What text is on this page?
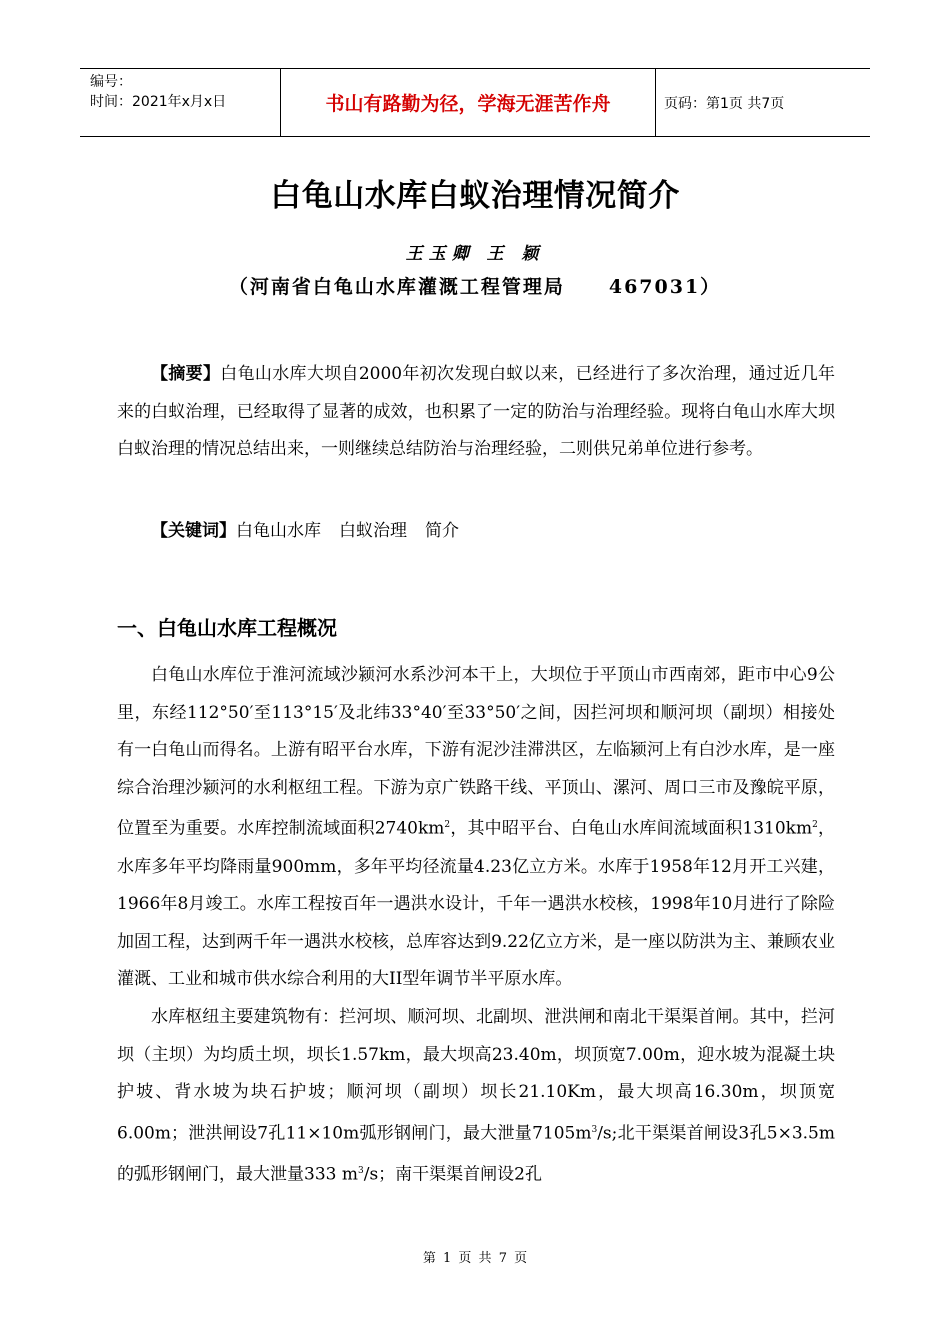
编号：
时间：2021年x月x日	书山有路勤为径，学海无涯苦作舟	页码：第1页 共7页
白龟山水库白蚁治理情况简介
王玉卿 王 颖
（河南省白龟山水库灌溉工程管理局 467031）

【摘要】白龟山水库大坝自2000年初次发现白蚁以来，已经进行了多次治理，通过近几年来的白蚁治理，已经取得了显著的成效，也积累了一定的防治与治理经验。现将白龟山水库大坝白蚁治理的情况总结出来，一则继续总结防治与治理经验，二则供兄弟单位进行参考。

【关键词】白龟山水库 白蚁治理 简介

一、白龟山水库工程概况

白龟山水库位于淮河流域沙颍河水系沙河本干上，大坝位于平顶山市西南郊，距市中心9公里，东经112°50′至113°15′及北纬33°40′至33°50′之间，因拦河坝和顺河坝（副坝）相接处有一白龟山而得名。上游有昭平台水库，下游有泥沙洼滞洪区，左临颍河上有白沙水库，是一座综合治理沙颍河的水利枢纽工程。下游为京广铁路干线、平顶山、漯河、周口三市及豫皖平原，位置至为重要。水库控制流域面积$2740km^2$，其中昭平台、白龟山水库间流域面积$1310km^2$，水库多年平均降雨量900mm，多年平均径流量4.23亿立方米。水库于1958年12月开工兴建，1966年8月竣工。水库工程按百年一遇洪水设计，千年一遇洪水校核，1998年10月进行了除险加固工程，达到两千年一遇洪水校核，总库容达到9.22亿立方米，是一座以防洪为主、兼顾农业灌溉、工业和城市供水综合利用的大II型年调节半平原水库。

水库枢纽主要建筑物有：拦河坝、顺河坝、北副坝、泄洪闸和南北干渠渠首闸。其中，拦河坝（主坝）为均质土坝，坝长1.57km，最大坝高23.40m，坝顶宽7.00m，迎水坡为混凝土块护坡、背水坡为块石护坡；顺河坝（副坝）坝长21.10Km，最大坝高16.30m，坝顶宽6.00m；泄洪闸设7孔11×10m弧形钢闸门，最大泄量$7105m^3/s$;北干渠渠首闸设3孔5×3.5m的弧形钢闸门，最大泄量333 $m^3/s$；南干渠渠首闸设2孔

第 1 页 共 7 页
